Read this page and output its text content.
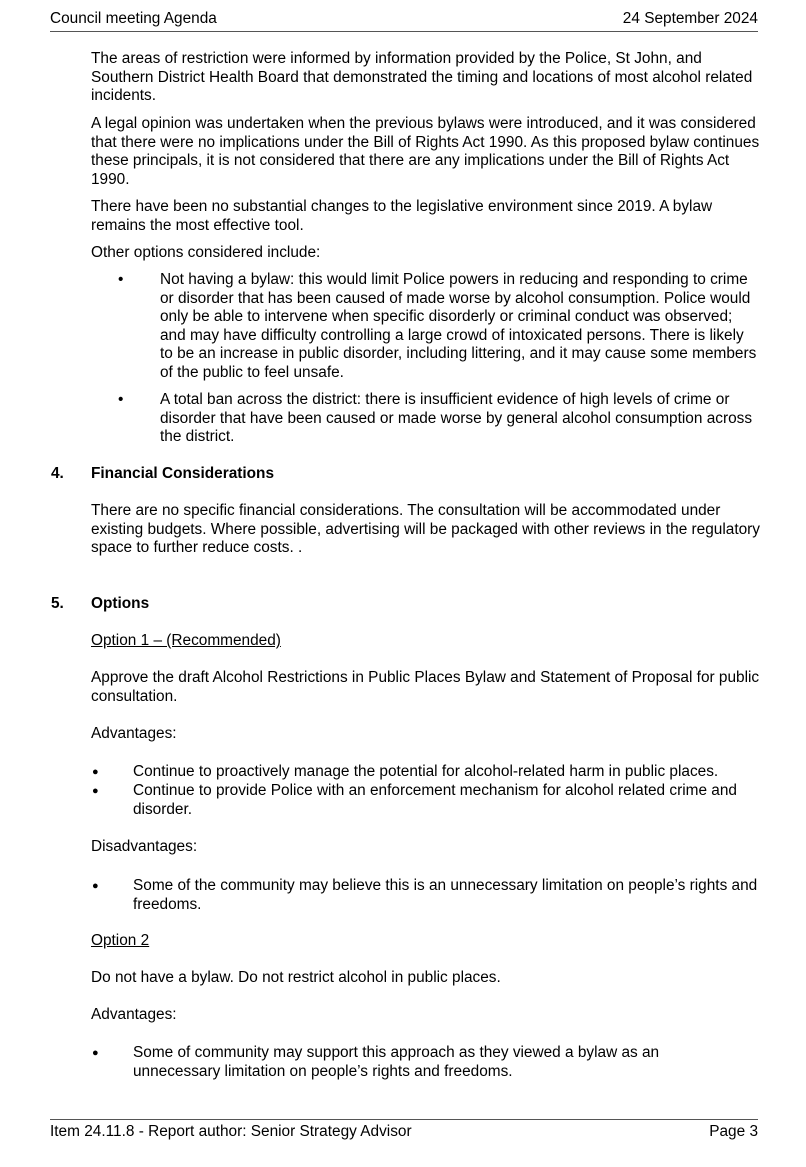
Council meeting Agenda	24 September 2024

The areas of restriction were informed by information provided by the Police, St John, and Southern District Health Board that demonstrated the timing and locations of most alcohol related incidents.

A legal opinion was undertaken when the previous bylaws were introduced, and it was considered that there were no implications under the Bill of Rights Act 1990. As this proposed bylaw continues these principals, it is not considered that there are any implications under the Bill of Rights Act 1990.

There have been no substantial changes to the legislative environment since 2019. A bylaw remains the most effective tool.

Other options considered include:

• Not having a bylaw: this would limit Police powers in reducing and responding to crime or disorder that has been caused of made worse by alcohol consumption. Police would only be able to intervene when specific disorderly or criminal conduct was observed; and may have difficulty controlling a large crowd of intoxicated persons. There is likely to be an increase in public disorder, including littering, and it may cause some members of the public to feel unsafe.
• A total ban across the district: there is insufficient evidence of high levels of crime or disorder that have been caused or made worse by general alcohol consumption across the district.
4. Financial Considerations

There are no specific financial considerations. The consultation will be accommodated under existing budgets. Where possible, advertising will be packaged with other reviews in the regulatory space to further reduce costs. .

5. Options

Option 1 – (Recommended)

Approve the draft Alcohol Restrictions in Public Places Bylaw and Statement of Proposal for public consultation.

Advantages:

● Continue to proactively manage the potential for alcohol-related harm in public places.
● Continue to provide Police with an enforcement mechanism for alcohol related crime and disorder.

Disadvantages:

● Some of the community may believe this is an unnecessary limitation on people’s rights and freedoms.

Option 2

Do not have a bylaw. Do not restrict alcohol in public places.

Advantages:

● Some of community may support this approach as they viewed a bylaw as an unnecessary limitation on people’s rights and freedoms.
Item 24.11.8 - Report author: Senior Strategy Advisor	Page 3
